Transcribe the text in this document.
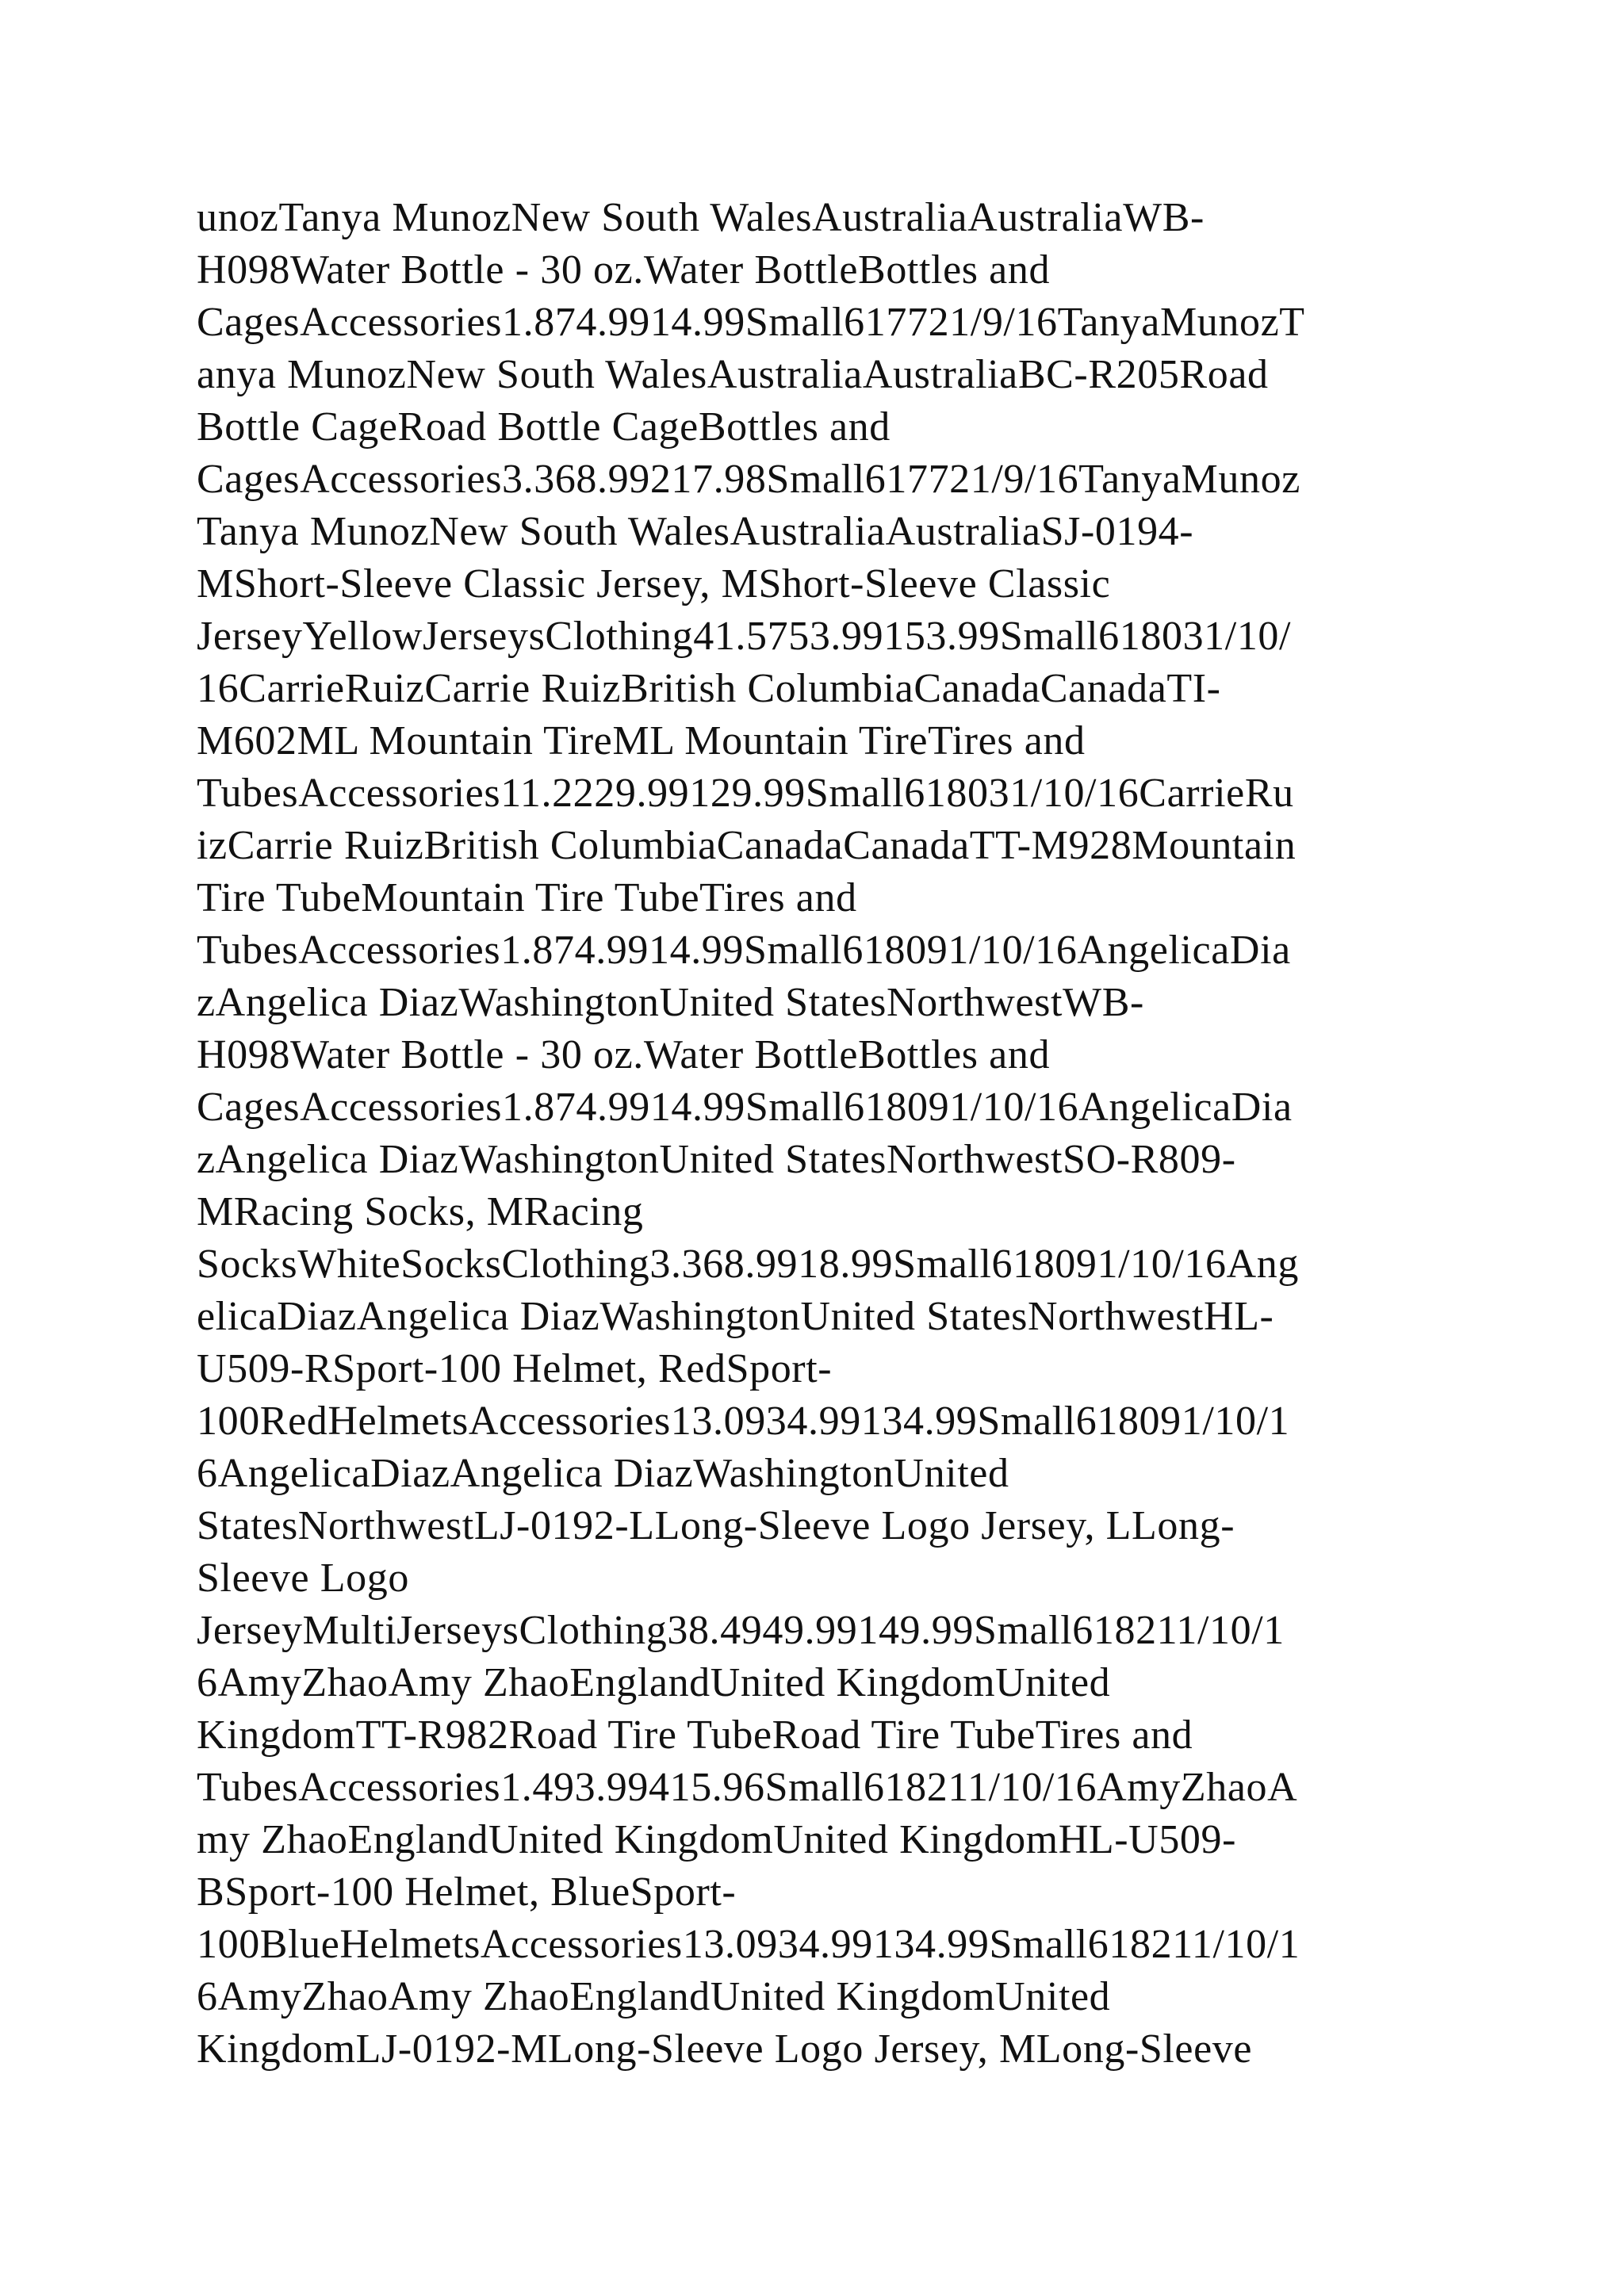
unozTanya MunozNew South WalesAustraliaAustraliaWB-
H098Water Bottle - 30 oz.Water BottleBottles and
CagesAccessories1.874.9914.99Small617721/9/16TanyaMunozT
anya MunozNew South WalesAustraliaAustraliaBC-R205Road
Bottle CageRoad Bottle CageBottles and
CagesAccessories3.368.99217.98Small617721/9/16TanyaMunoz
Tanya MunozNew South WalesAustraliaAustraliaSJ-0194-
MShort-Sleeve Classic Jersey, MShort-Sleeve Classic
JerseyYellowJerseysClothing41.5753.99153.99Small618031/10/
16CarrieRuizCarrie RuizBritish ColumbiaCanadaCanadaTI-
M602ML Mountain TireML Mountain TireTires and
TubesAccessories11.2229.99129.99Small618031/10/16CarrieRu
izCarrie RuizBritish ColumbiaCanadaCanadaTT-M928Mountain
Tire TubeMountain Tire TubeTires and
TubesAccessories1.874.9914.99Small618091/10/16AngelicaDia
zAngelica DiazWashingtonUnited StatesNorthwestWB-
H098Water Bottle - 30 oz.Water BottleBottles and
CagesAccessories1.874.9914.99Small618091/10/16AngelicaDia
zAngelica DiazWashingtonUnited StatesNorthwestSO-R809-
MRacing Socks, MRacing
SocksWhiteSocksClothing3.368.9918.99Small618091/10/16Ang
elicaDiazAngelica DiazWashingtonUnited StatesNorthwestHL-
U509-RSport-100 Helmet, RedSport-
100RedHelmetsAccessories13.0934.99134.99Small618091/10/1
6AngelicaDiazAngelica DiazWashingtonUnited
StatesNorthwestLJ-0192-LLong-Sleeve Logo Jersey, LLong-
Sleeve Logo
JerseyMultiJerseysClothing38.4949.99149.99Small618211/10/1
6AmyZhaoAmy ZhaoEnglandUnited KingdomUnited
KingdomTT-R982Road Tire TubeRoad Tire TubeTires and
TubesAccessories1.493.99415.96Small618211/10/16AmyZhaoA
my ZhaoEnglandUnited KingdomUnited KingdomHL-U509-
BSport-100 Helmet, BlueSport-
100BlueHelmetsAccessories13.0934.99134.99Small618211/10/1
6AmyZhaoAmy ZhaoEnglandUnited KingdomUnited
KingdomLJ-0192-MLong-Sleeve Logo Jersey, MLong-Sleeve
